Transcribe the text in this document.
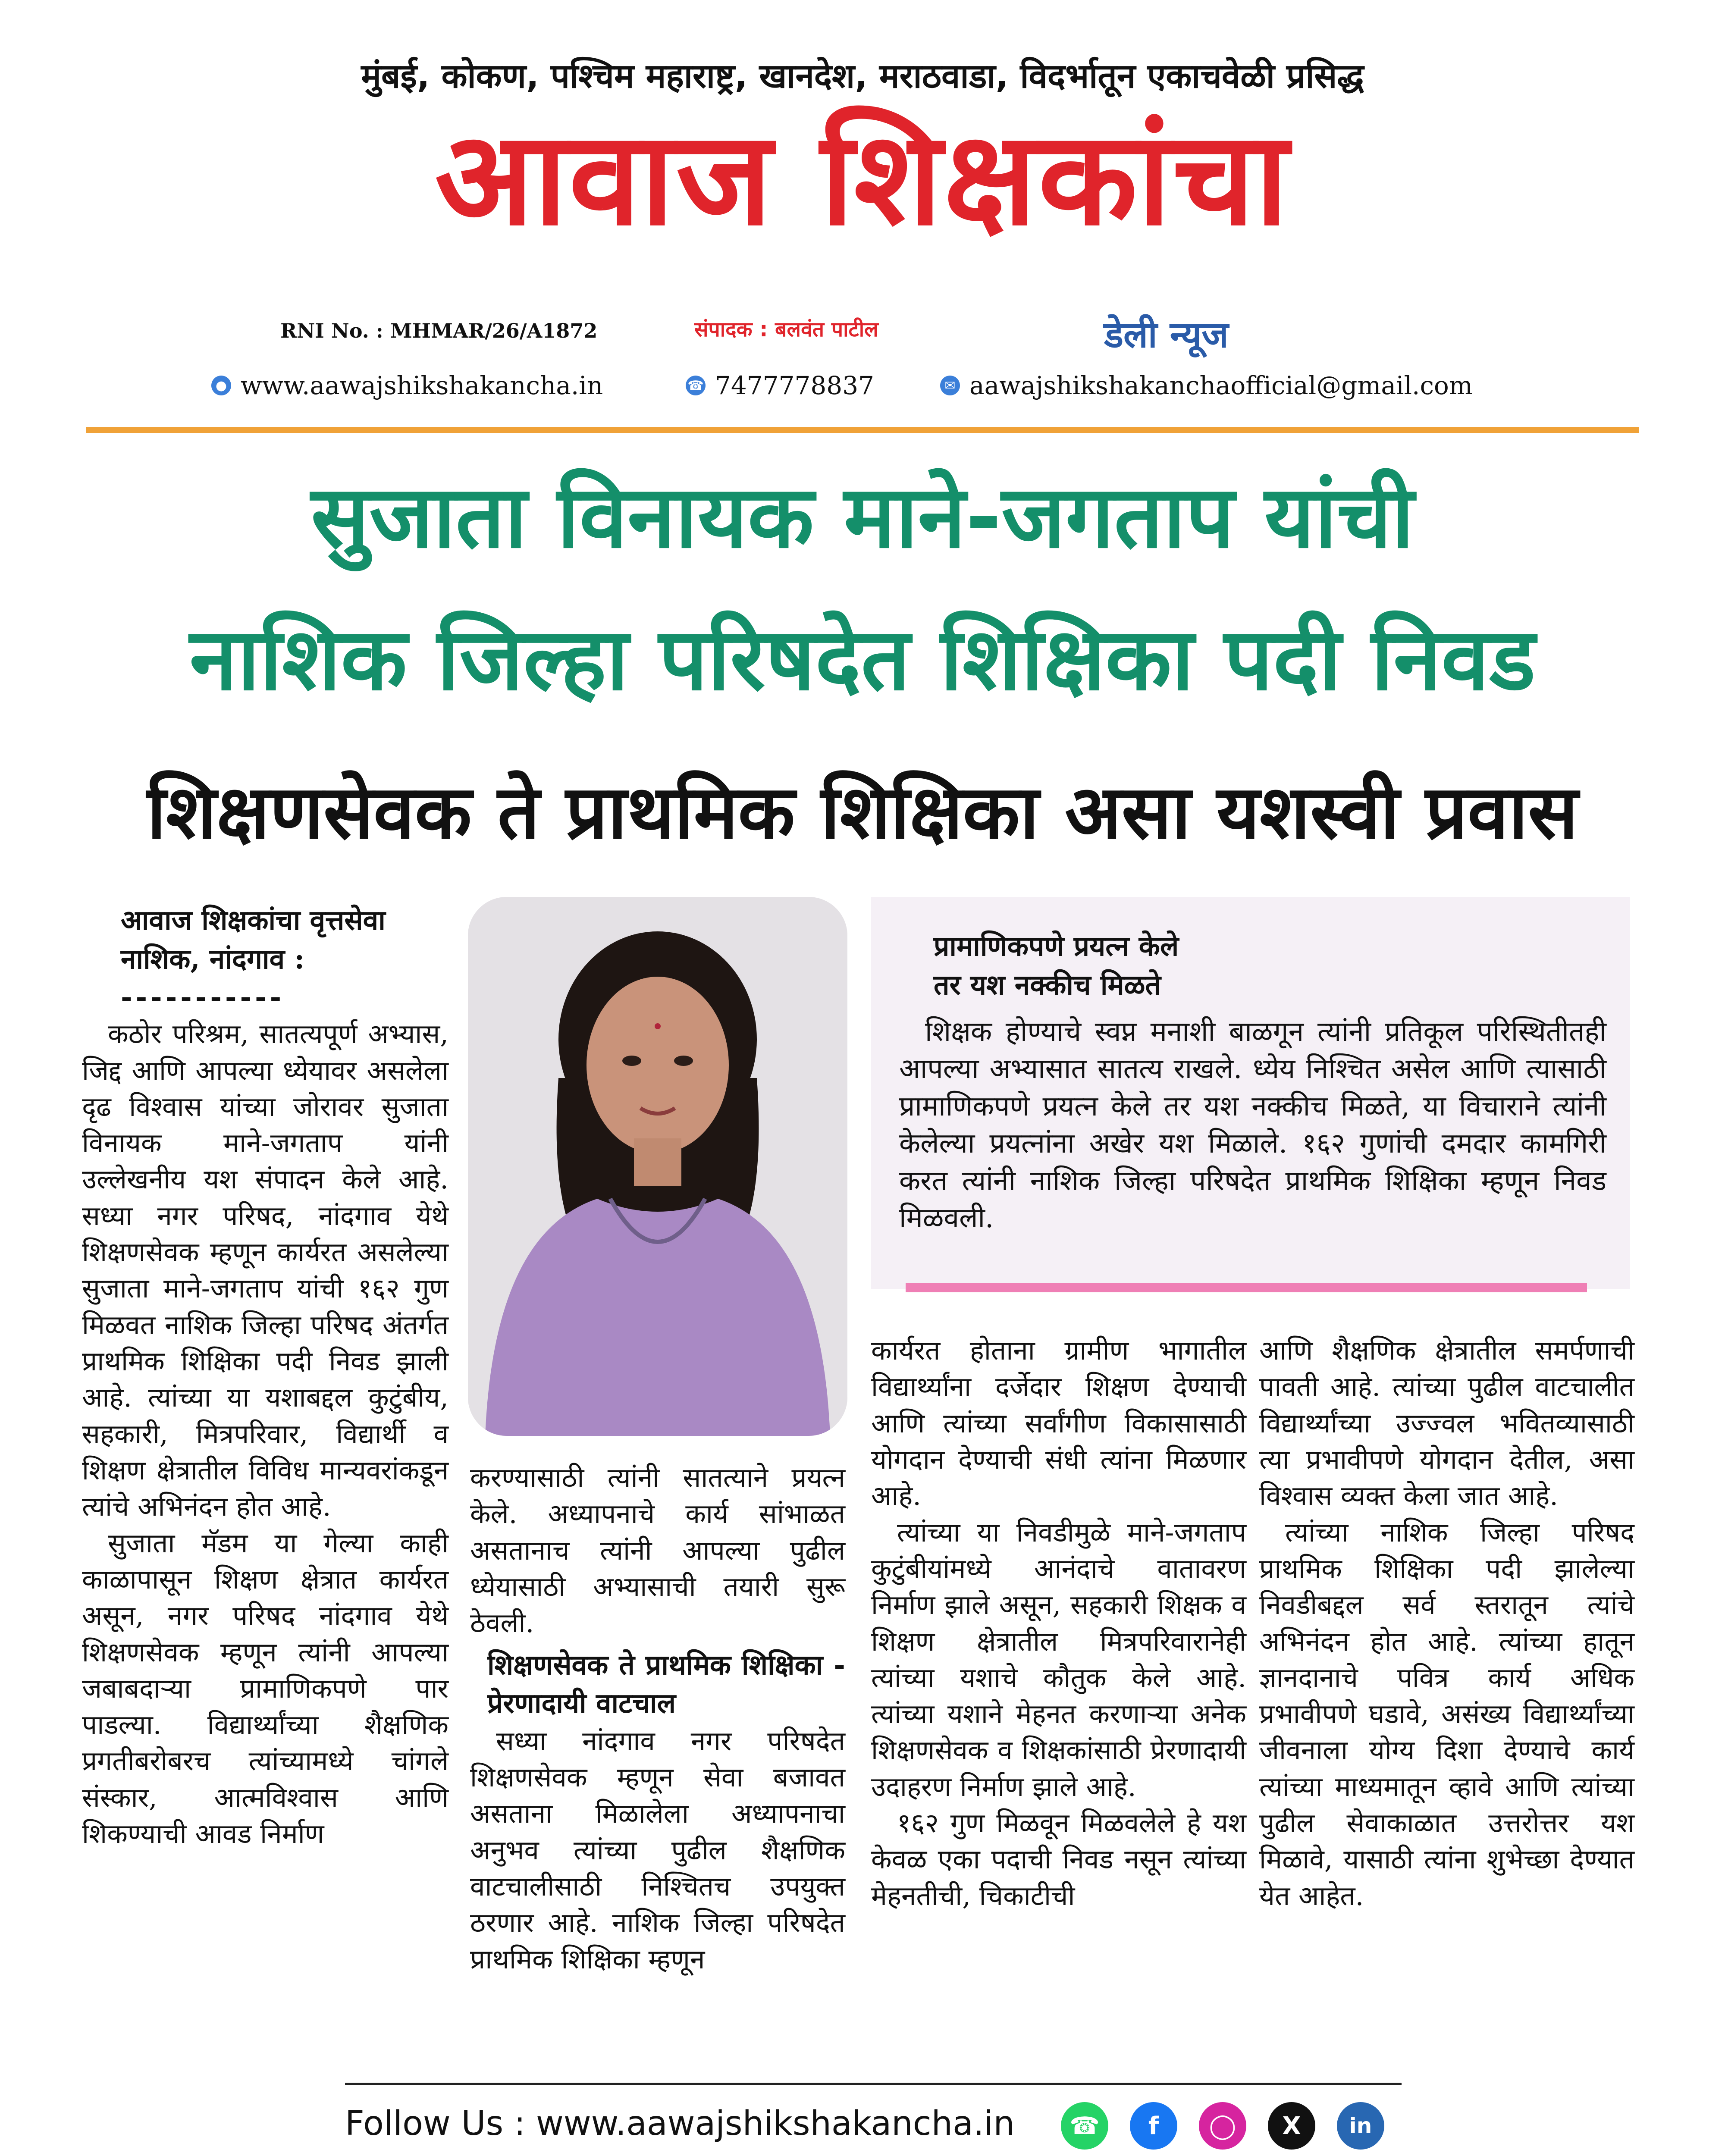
मुंबई, कोकण, पश्चिम महाराष्ट्र, खानदेश, मराठवाडा, विदर्भातून एकाचवेळी प्रसिद्ध
आवाज शिक्षकांचा
RNI No. : MHMAR/26/A1872	संपादक : बलवंत पाटील	डेली न्यूज
● www.aawajshikshakancha.in	☎ 7477778837	✉ aawajshikshakanchaofficial@gmail.com
सुजाता विनायक माने-जगताप यांची
नाशिक जिल्हा परिषदेत शिक्षिका पदी निवड
शिक्षणसेवक ते प्राथमिक शिक्षिका असा यशस्वी प्रवास
आवाज शिक्षकांचा वृत्तसेवा
नाशिक, नांदगाव :
-----------

कठोर परिश्रम, सातत्यपूर्ण अभ्यास, जिद्द आणि आपल्या ध्येयावर असलेला दृढ विश्वास यांच्या जोरावर सुजाता विनायक माने-जगताप यांनी उल्लेखनीय यश संपादन केले आहे. सध्या नगर परिषद, नांदगाव येथे शिक्षणसेवक म्हणून कार्यरत असलेल्या सुजाता माने-जगताप यांची १६२ गुण मिळवत नाशिक जिल्हा परिषद अंतर्गत प्राथमिक शिक्षिका पदी निवड झाली आहे. त्यांच्या या यशाबद्दल कुटुंबीय, सहकारी, मित्रपरिवार, विद्यार्थी व शिक्षण क्षेत्रातील विविध मान्यवरांकडून त्यांचे अभिनंदन होत आहे.

सुजाता मॅडम या गेल्या काही काळापासून शिक्षण क्षेत्रात कार्यरत असून, नगर परिषद नांदगाव येथे शिक्षणसेवक म्हणून त्यांनी आपल्या जबाबदाऱ्या प्रामाणिकपणे पार पाडल्या. विद्यार्थ्यांच्या शैक्षणिक प्रगतीबरोबरच त्यांच्यामध्ये चांगले संस्कार, आत्मविश्वास आणि शिकण्याची आवड निर्माण

करण्यासाठी त्यांनी सातत्याने प्रयत्न केले. अध्यापनाचे कार्य सांभाळत असतानाच त्यांनी आपल्या पुढील ध्येयासाठी अभ्यासाची तयारी सुरू ठेवली.

शिक्षणसेवक ते प्राथमिक शिक्षिका - प्रेरणादायी वाटचाल

सध्या नांदगाव नगर परिषदेत शिक्षणसेवक म्हणून सेवा बजावत असताना मिळालेला अध्यापनाचा अनुभव त्यांच्या पुढील शैक्षणिक वाटचालीसाठी निश्चितच उपयुक्त ठरणार आहे. नाशिक जिल्हा परिषदेत प्राथमिक शिक्षिका म्हणून

प्रामाणिकपणे प्रयत्न केले
तर यश नक्कीच मिळते

शिक्षक होण्याचे स्वप्न मनाशी बाळगून त्यांनी प्रतिकूल परिस्थितीतही आपल्या अभ्यासात सातत्य राखले. ध्येय निश्चित असेल आणि त्यासाठी प्रामाणिकपणे प्रयत्न केले तर यश नक्कीच मिळते, या विचाराने त्यांनी केलेल्या प्रयत्नांना अखेर यश मिळाले. १६२ गुणांची दमदार कामगिरी करत त्यांनी नाशिक जिल्हा परिषदेत प्राथमिक शिक्षिका म्हणून निवड मिळवली.

कार्यरत होताना ग्रामीण भागातील विद्यार्थ्यांना दर्जेदार शिक्षण देण्याची आणि त्यांच्या सर्वांगीण विकासासाठी योगदान देण्याची संधी त्यांना मिळणार आहे.

त्यांच्या या निवडीमुळे माने-जगताप कुटुंबीयांमध्ये आनंदाचे वातावरण निर्माण झाले असून, सहकारी शिक्षक व शिक्षण क्षेत्रातील मित्रपरिवारानेही त्यांच्या यशाचे कौतुक केले आहे. त्यांच्या यशाने मेहनत करणाऱ्या अनेक शिक्षणसेवक व शिक्षकांसाठी प्रेरणादायी उदाहरण निर्माण झाले आहे.

१६२ गुण मिळवून मिळवलेले हे यश केवळ एका पदाची निवड नसून त्यांच्या मेहनतीची, चिकाटीची

आणि शैक्षणिक क्षेत्रातील समर्पणाची पावती आहे. त्यांच्या पुढील वाटचालीत विद्यार्थ्यांच्या उज्ज्वल भवितव्यासाठी त्या प्रभावीपणे योगदान देतील, असा विश्वास व्यक्त केला जात आहे.

त्यांच्या नाशिक जिल्हा परिषद प्राथमिक शिक्षिका पदी झालेल्या निवडीबद्दल सर्व स्तरातून त्यांचे अभिनंदन होत आहे. त्यांच्या हातून ज्ञानदानाचे पवित्र कार्य अधिक प्रभावीपणे घडावे, असंख्य विद्यार्थ्यांच्या जीवनाला योग्य दिशा देण्याचे कार्य त्यांच्या माध्यमातून व्हावे आणि त्यांच्या पुढील सेवाकाळात उत्तरोत्तर यश मिळावे, यासाठी त्यांना शुभेच्छा देण्यात येत आहेत.

Follow Us : www.aawajshikshakancha.in	☎	f	◯	X	in
